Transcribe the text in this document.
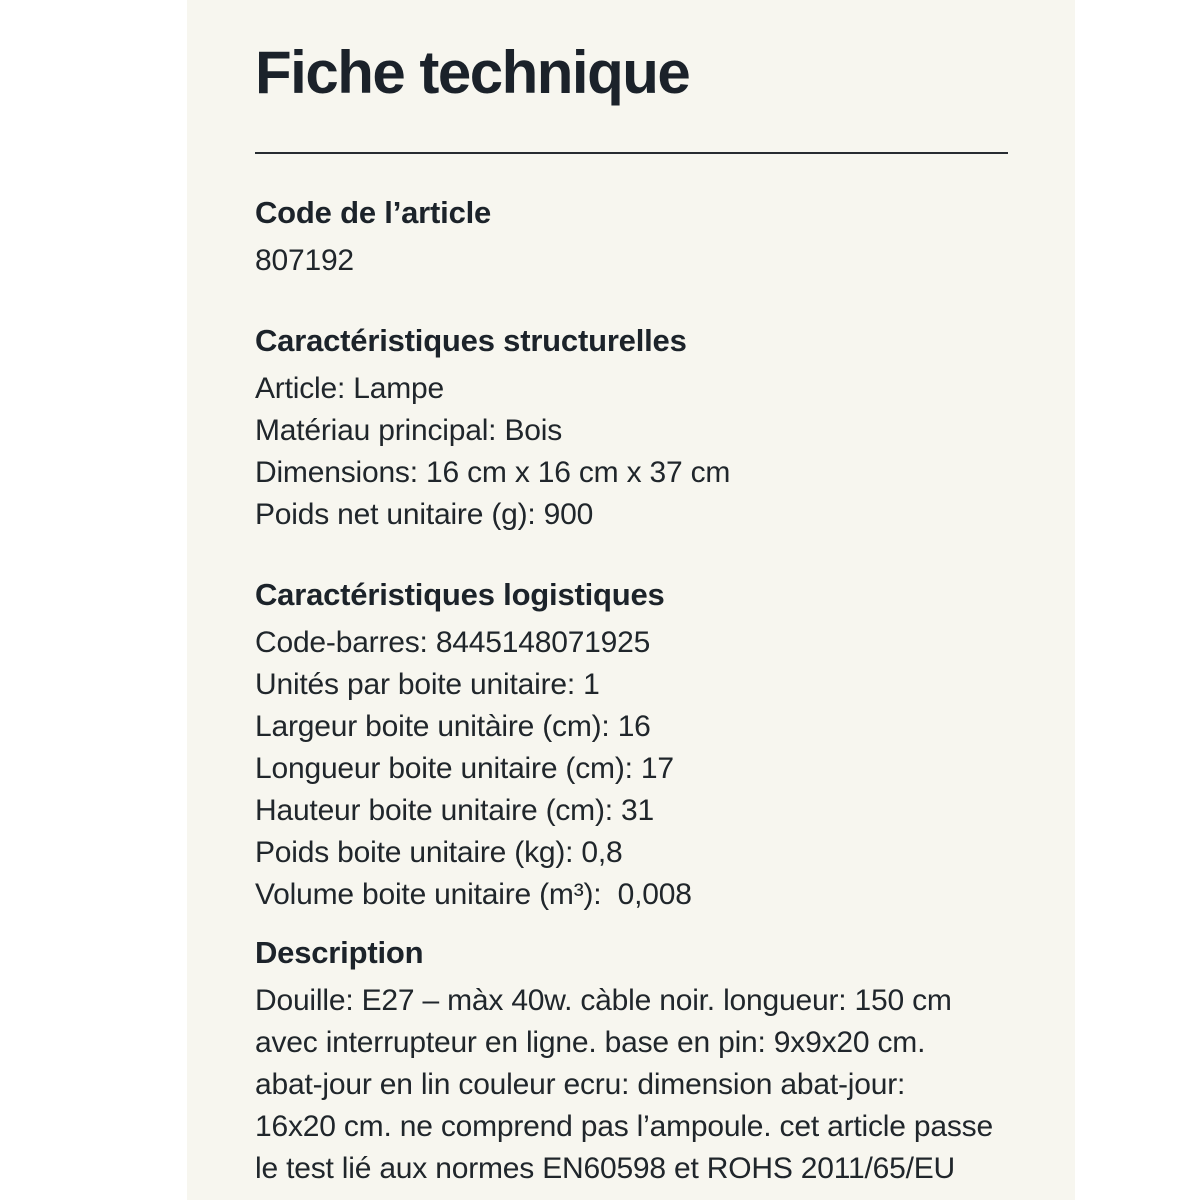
Fiche technique
Code de l’article
807192
Caractéristiques structurelles
Article: Lampe
Matériau principal: Bois
Dimensions: 16 cm x 16 cm x 37 cm
Poids net unitaire (g): 900
Caractéristiques logistiques
Code-barres: 8445148071925
Unités par boite unitaire: 1
Largeur boite unitàire (cm): 16
Longueur boite unitaire (cm): 17
Hauteur boite unitaire (cm): 31
Poids boite unitaire (kg): 0,8
Volume boite unitaire (m³):  0,008
Description
Douille: E27 – màx 40w. càble noir. longueur: 150 cm
avec interrupteur en ligne. base en pin: 9x9x20 cm.
abat-jour en lin couleur ecru: dimension abat-jour:
16x20 cm. ne comprend pas l’ampoule. cet article passe
le test lié aux normes EN60598 et ROHS 2011/65/EU
